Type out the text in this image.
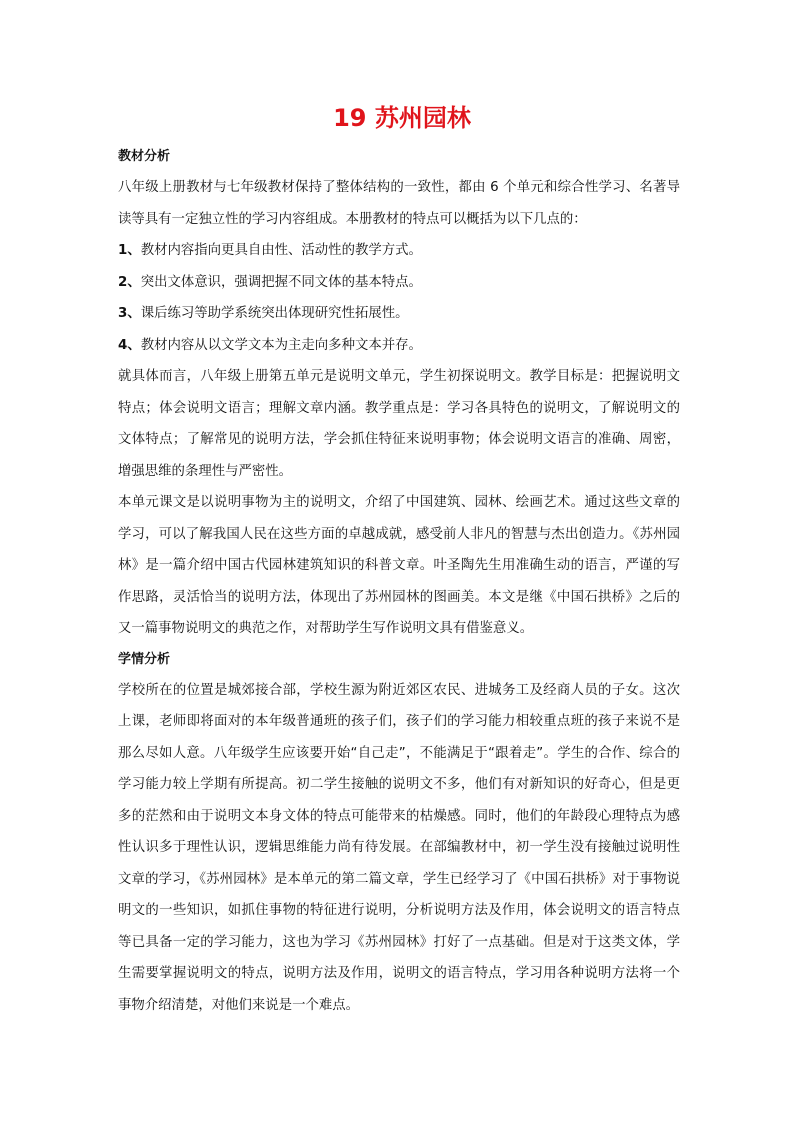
19 苏州园林
教材分析

八年级上册教材与七年级教材保持了整体结构的一致性，都由 6 个单元和综合性学习、名著导读等具有一定独立性的学习内容组成。本册教材的特点可以概括为以下几点的：

1、教材内容指向更具自由性、活动性的教学方式。

2、突出文体意识，强调把握不同文体的基本特点。

3、课后练习等助学系统突出体现研究性拓展性。

4、教材内容从以文学文本为主走向多种文本并存。

就具体而言，八年级上册第五单元是说明文单元，学生初探说明文。教学目标是：把握说明文特点；体会说明文语言；理解文章内涵。教学重点是：学习各具特色的说明文，了解说明文的文体特点；了解常见的说明方法，学会抓住特征来说明事物；体会说明文语言的准确、周密，增强思维的条理性与严密性。

本单元课文是以说明事物为主的说明文，介绍了中国建筑、园林、绘画艺术。通过这些文章的学习，可以了解我国人民在这些方面的卓越成就，感受前人非凡的智慧与杰出创造力。《苏州园林》是一篇介绍中国古代园林建筑知识的科普文章。叶圣陶先生用准确生动的语言，严谨的写作思路，灵活恰当的说明方法，体现出了苏州园林的图画美。本文是继《中国石拱桥》之后的又一篇事物说明文的典范之作，对帮助学生写作说明文具有借鉴意义。

学情分析

学校所在的位置是城郊接合部，学校生源为附近郊区农民、进城务工及经商人员的子女。这次上课，老师即将面对的本年级普通班的孩子们，孩子们的学习能力相较重点班的孩子来说不是那么尽如人意。八年级学生应该要开始“自己走”，不能满足于“跟着走”。学生的合作、综合的学习能力较上学期有所提高。初二学生接触的说明文不多，他们有对新知识的好奇心，但是更多的茫然和由于说明文本身文体的特点可能带来的枯燥感。同时，他们的年龄段心理特点为感性认识多于理性认识，逻辑思维能力尚有待发展。在部编教材中，初一学生没有接触过说明性文章的学习，《苏州园林》是本单元的第二篇文章，学生已经学习了《中国石拱桥》对于事物说明文的一些知识，如抓住事物的特征进行说明，分析说明方法及作用，体会说明文的语言特点等已具备一定的学习能力，这也为学习《苏州园林》打好了一点基础。但是对于这类文体，学生需要掌握说明文的特点，说明方法及作用，说明文的语言特点，学习用各种说明方法将一个事物介绍清楚，对他们来说是一个难点。
